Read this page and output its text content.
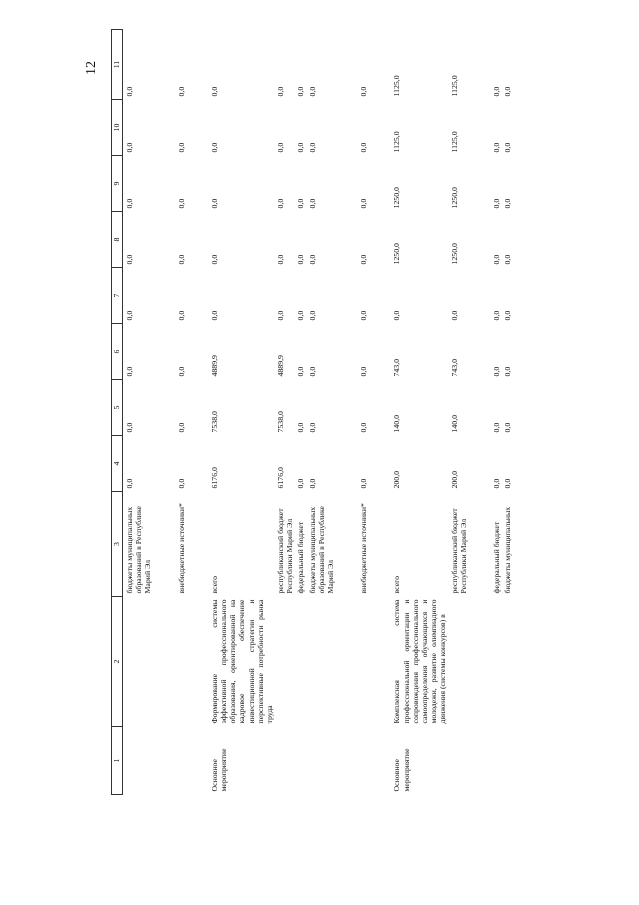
12
1	2	3	4	5	6	7	8	9	10	11
		бюджеты муниципальных образований в Республике Марий Эл	0,0	0,0	0,0	0,0	0,0	0,0	0,0	0,0
		внебюджетные источники*	0,0	0,0	0,0	0,0	0,0	0,0	0,0	0,0
Основное мероприятие	Формирование системы эффективной профессионального образования, ориентированной на кадровое обеспечение инвестиционной стратегии и перспективные потребности рынка труда	всего	6176,0	7538,0	4889,9	0,0	0,0	0,0	0,0	0,0
		республиканский бюджет Республики Марий Эл	6176,0	7538,0	4889,9	0,0	0,0	0,0	0,0	0,0
		федеральный бюджет	0,0	0,0	0,0	0,0	0,0	0,0	0,0	0,0
		бюджеты муниципальных образований в Республике Марий Эл	0,0	0,0	0,0	0,0	0,0	0,0	0,0	0,0
		внебюджетные источники*	0,0	0,0	0,0	0,0	0,0	0,0	0,0	0,0
Основное мероприятие	Комплексная система профессиональной ориентации и сопровождения профессионального самоопределения обучающихся и молодежи, развитие олимпиадного движения (системы конкурсов) в	всего	200,0	140,0	743,0	0,0	1250,0	1250,0	1125,0	1125,0
		республиканский бюджет Республики Марий Эл	200,0	140,0	743,0	0,0	1250,0	1250,0	1125,0	1125,0
		федеральный бюджет	0,0	0,0	0,0	0,0	0,0	0,0	0,0	0,0
		бюджеты муниципальных	0,0	0,0	0,0	0,0	0,0	0,0	0,0	0,0
